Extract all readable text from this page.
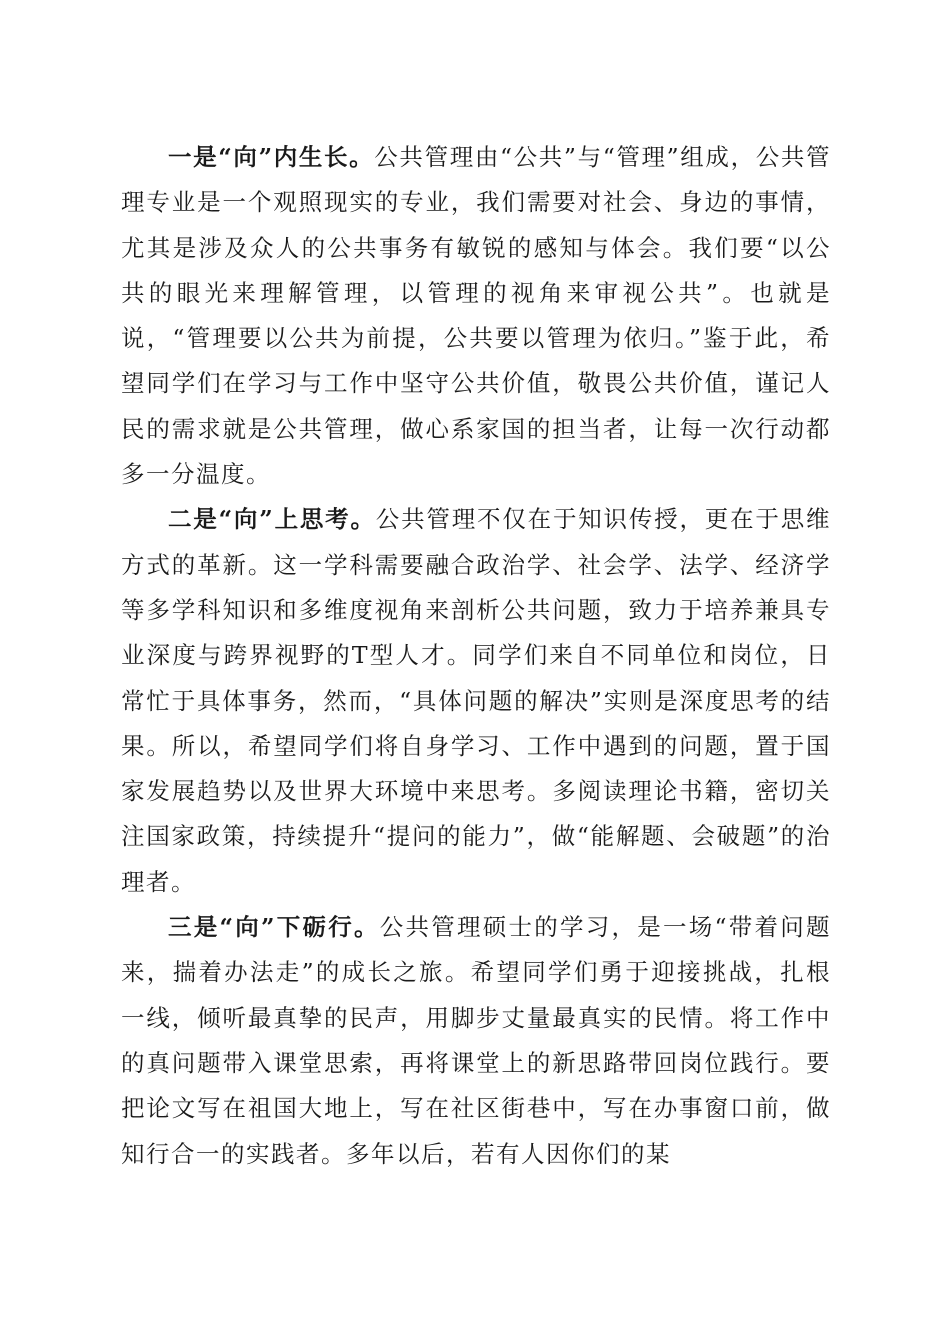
一是“向”内生长。公共管理由“公共”与“管理”组成，公共管理专业是一个观照现实的专业，我们需要对社会、身边的事情，尤其是涉及众人的公共事务有敏锐的感知与体会。我们要“以公共的眼光来理解管理，以管理的视角来审视公共”。也就是说，“管理要以公共为前提，公共要以管理为依归。”鉴于此，希望同学们在学习与工作中坚守公共价值，敬畏公共价值，谨记人民的需求就是公共管理，做心系家国的担当者，让每一次行动都多一分温度。

二是“向”上思考。公共管理不仅在于知识传授，更在于思维方式的革新。这一学科需要融合政治学、社会学、法学、经济学等多学科知识和多维度视角来剖析公共问题，致力于培养兼具专业深度与跨界视野的T型人才。同学们来自不同单位和岗位，日常忙于具体事务，然而，“具体问题的解决”实则是深度思考的结果。所以，希望同学们将自身学习、工作中遇到的问题，置于国家发展趋势以及世界大环境中来思考。多阅读理论书籍，密切关注国家政策，持续提升“提问的能力”，做“能解题、会破题”的治理者。

三是“向”下砺行。公共管理硕士的学习，是一场“带着问题来，揣着办法走”的成长之旅。希望同学们勇于迎接挑战，扎根一线，倾听最真挚的民声，用脚步丈量最真实的民情。将工作中的真问题带入课堂思索，再将课堂上的新思路带回岗位践行。要把论文写在祖国大地上，写在社区街巷中，写在办事窗口前，做知行合一的实践者。多年以后，若有人因你们的某
